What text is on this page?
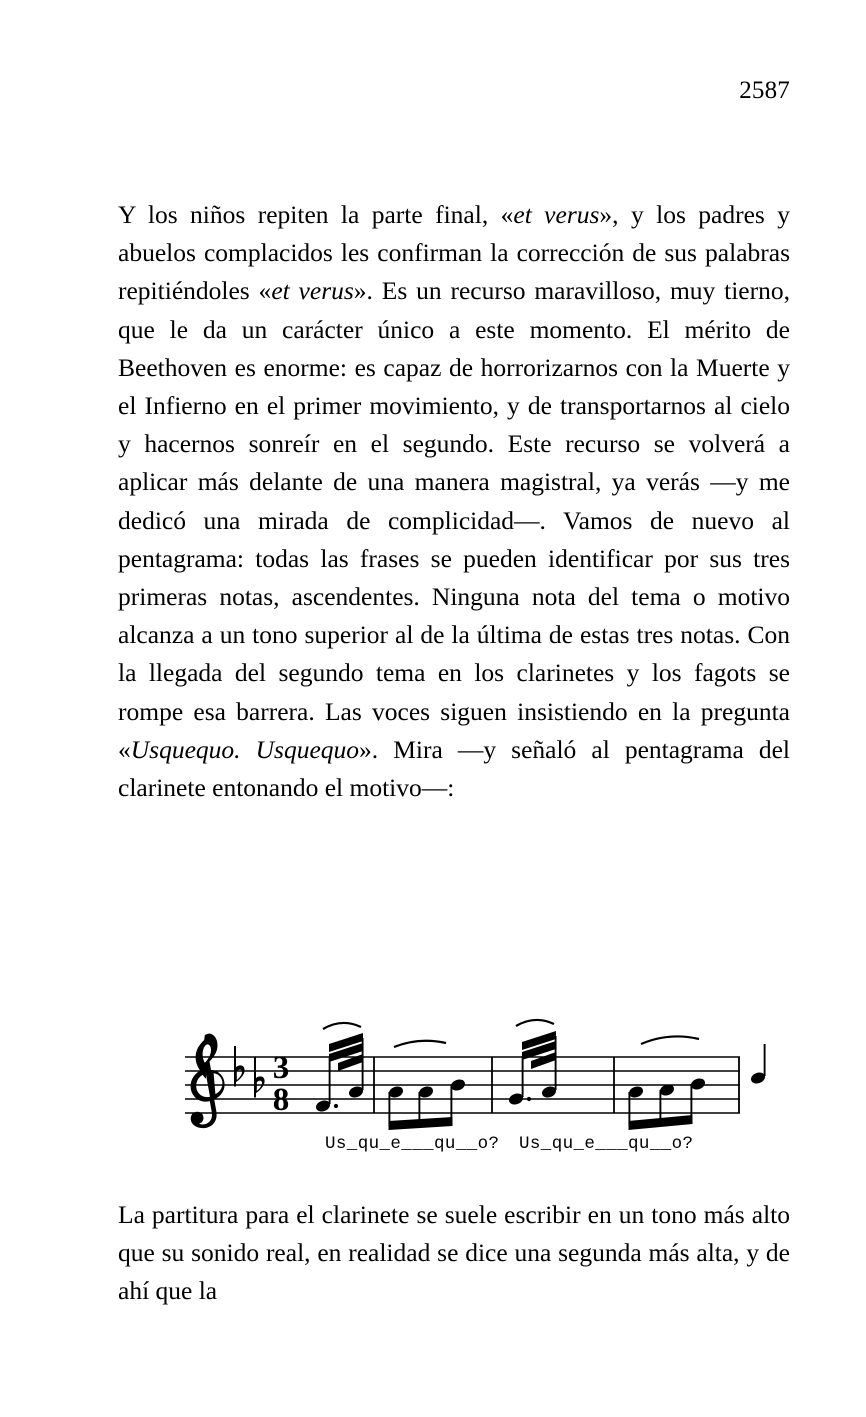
2587

Y los niños repiten la parte final, «et verus», y los padres y abuelos complacidos les confirman la corrección de sus palabras repitiéndoles «et verus». Es un recurso maravilloso, muy tierno, que le da un carácter único a este momento. El mérito de Beethoven es enorme: es capaz de horrorizarnos con la Muerte y el Infierno en el primer movimiento, y de transportarnos al cielo y hacernos sonreír en el segundo. Este recurso se volverá a aplicar más delante de una manera magistral, ya verás —y me dedicó una mirada de complicidad—. Vamos de nuevo al pentagrama: todas las frases se pueden identificar por sus tres primeras notas, ascendentes. Ninguna nota del tema o motivo alcanza a un tono superior al de la última de estas tres notas. Con la llegada del segundo tema en los clarinetes y los fagots se rompe esa barrera. Las voces siguen insistiendo en la pregunta «Usquequo. Usquequo». Mira —y señaló al pentagrama del clarinete entonando el motivo—:

3
8
Us_qu_e___qu__o? Us_qu_e___qu__o?

La partitura para el clarinete se suele escribir en un tono más alto que su sonido real, en realidad se dice una segunda más alta, y de ahí que la
